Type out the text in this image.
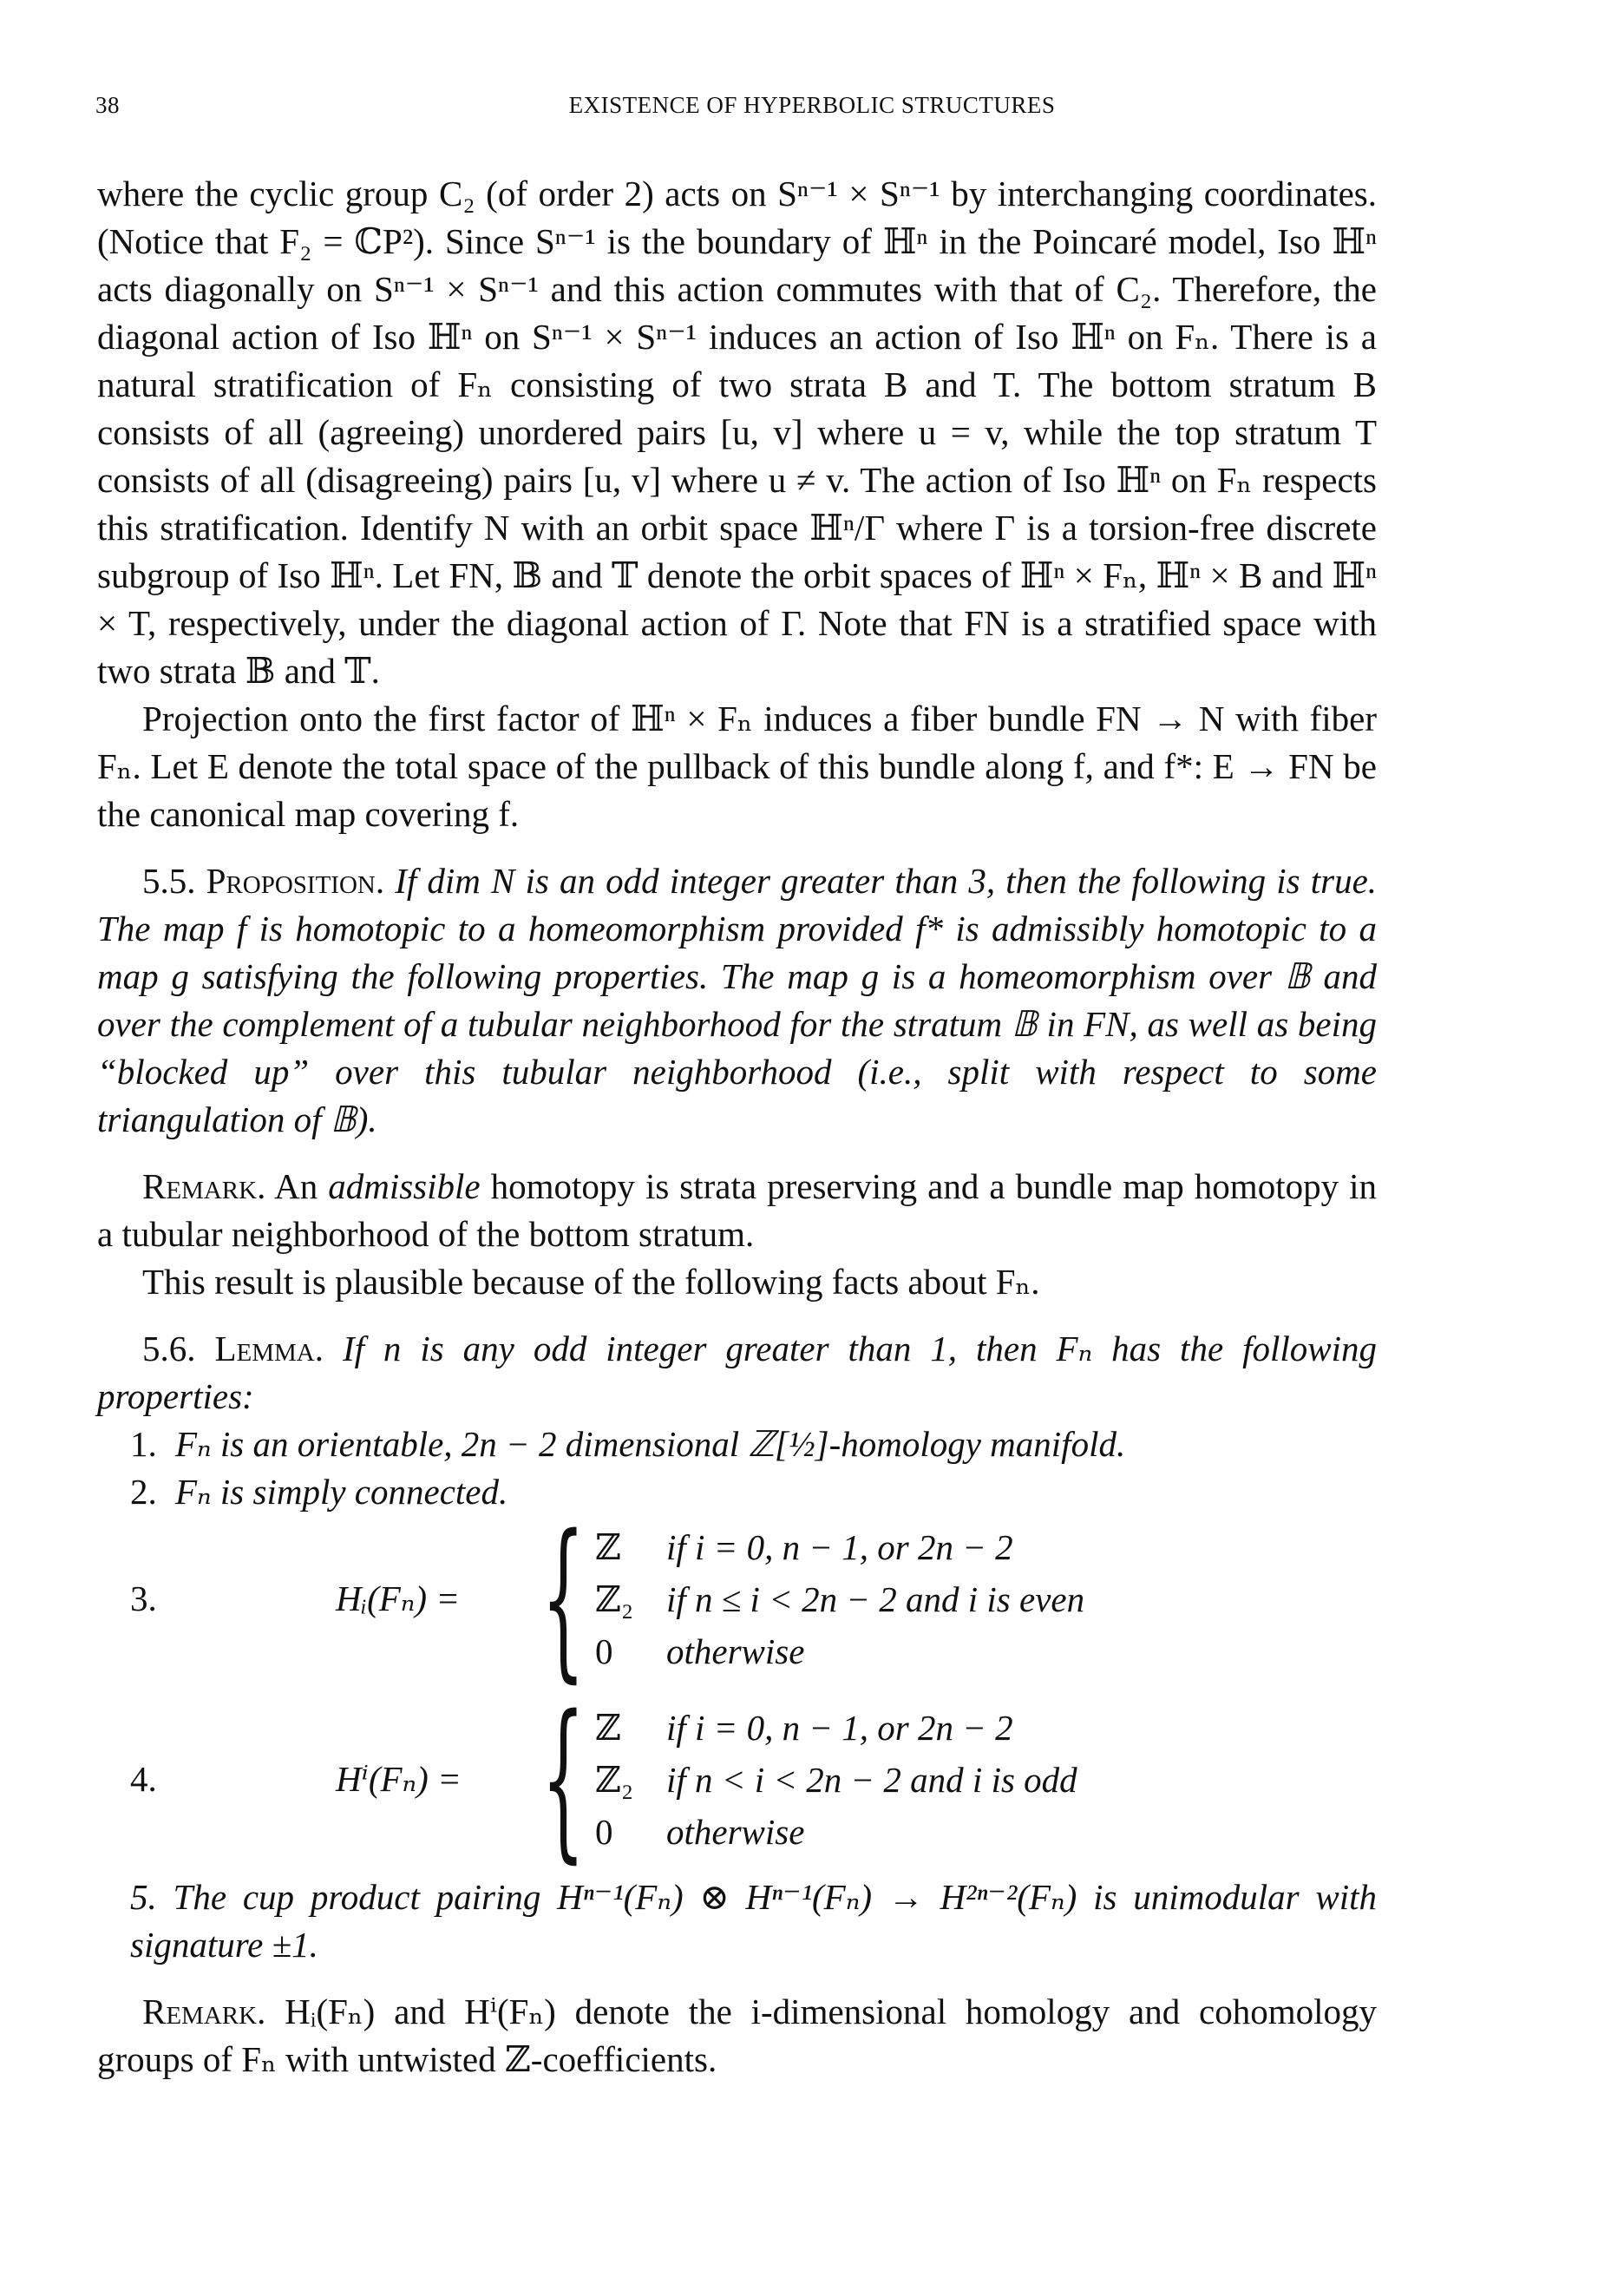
38	EXISTENCE OF HYPERBOLIC STRUCTURES

where the cyclic group C₂ (of order 2) acts on Sⁿ⁻¹ × Sⁿ⁻¹ by interchanging coordinates. (Notice that F₂ = ℂP²). Since Sⁿ⁻¹ is the boundary of ℍⁿ in the Poincaré model, Iso ℍⁿ acts diagonally on Sⁿ⁻¹ × Sⁿ⁻¹ and this action commutes with that of C₂. Therefore, the diagonal action of Iso ℍⁿ on Sⁿ⁻¹ × Sⁿ⁻¹ induces an action of Iso ℍⁿ on Fₙ. There is a natural stratification of Fₙ consisting of two strata B and T. The bottom stratum B consists of all (agreeing) unordered pairs [u, v] where u = v, while the top stratum T consists of all (disagreeing) pairs [u, v] where u ≠ v. The action of Iso ℍⁿ on Fₙ respects this stratification. Identify N with an orbit space ℍⁿ/Γ where Γ is a torsion-free discrete subgroup of Iso ℍⁿ. Let FN, 𝔹 and 𝕋 denote the orbit spaces of ℍⁿ × Fₙ, ℍⁿ × B and ℍⁿ × T, respectively, under the diagonal action of Γ. Note that FN is a stratified space with two strata 𝔹 and 𝕋.

Projection onto the first factor of ℍⁿ × Fₙ induces a fiber bundle FN → N with fiber Fₙ. Let E denote the total space of the pullback of this bundle along f, and f*: E → FN be the canonical map covering f.

5.5. Proposition. If dim N is an odd integer greater than 3, then the following is true. The map f is homotopic to a homeomorphism provided f* is admissibly homotopic to a map g satisfying the following properties. The map g is a homeomorphism over 𝔹 and over the complement of a tubular neighborhood for the stratum 𝔹 in FN, as well as being “blocked up” over this tubular neighborhood (i.e., split with respect to some triangulation of 𝔹).

Remark. An admissible homotopy is strata preserving and a bundle map homotopy in a tubular neighborhood of the bottom stratum.

This result is plausible because of the following facts about Fₙ.

5.6. Lemma. If n is any odd integer greater than 1, then Fₙ has the following properties:

1. Fₙ is an orientable, 2n − 2 dimensional ℤ[½]-homology manifold.

2. Fₙ is simply connected.

3.	Hᵢ(Fₙ) = { ℤ if i = 0, n − 1, or 2n − 2
ℤ₂ if n ≤ i < 2n − 2 and i is even
0 otherwise
4.	Hⁱ(Fₙ) = { ℤ if i = 0, n − 1, or 2n − 2
ℤ₂ if n < i < 2n − 2 and i is odd
0 otherwise

5. The cup product pairing Hⁿ⁻¹(Fₙ) ⊗ Hⁿ⁻¹(Fₙ) → H²ⁿ⁻²(Fₙ) is unimodular with signature ±1.

Remark. Hᵢ(Fₙ) and Hⁱ(Fₙ) denote the i-dimensional homology and cohomology groups of Fₙ with untwisted ℤ-coefficients.
